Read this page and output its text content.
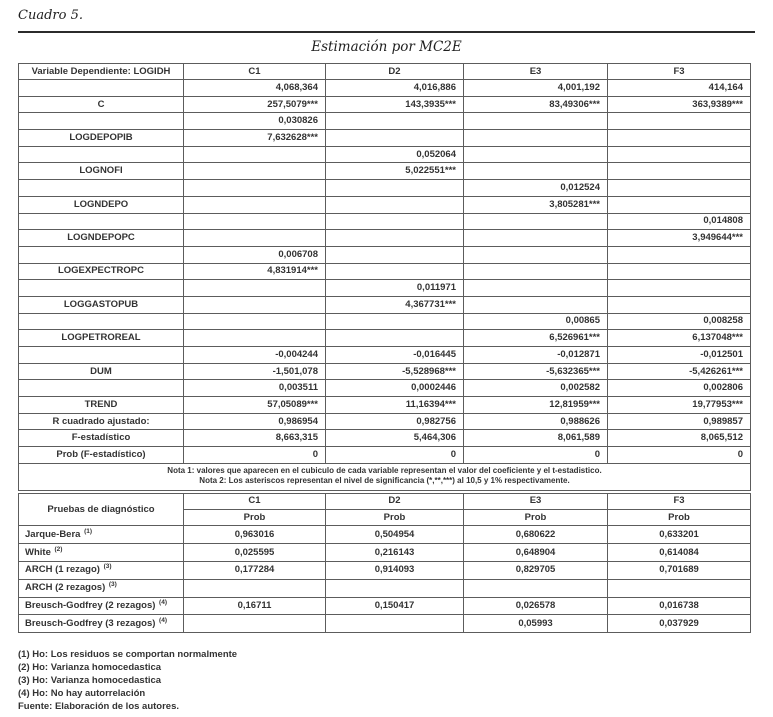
Cuadro 5.
Estimación por MC2E
Variable Dependiente: LOGIDH	C1	D2	E3	F3
	4,068,364	4,016,886	4,001,192	414,164
C	257,5079***	143,3935***	83,49306***	363,9389***
	0,030826			
LOGDEPOPIB	7,632628***			
		0,052064		
LOGNOFI		5,022551***		
			0,012524	
LOGNDEPO			3,805281***	
				0,014808
LOGNDEPOPC				3,949644***
	0,006708			
LOGEXPECTROPC	4,831914***			
		0,011971		
LOGGASTOPUB		4,367731***		
			0,00865	0,008258
LOGPETROREAL			6,526961***	6,137048***
	-0,004244	-0,016445	-0,012871	-0,012501
DUM	-1,501,078	-5,528968***	-5,632365***	-5,426261***
	0,003511	0,0002446	0,002582	0,002806
TREND	57,05089***	11,16394***	12,81959***	19,77953***
R cuadrado ajustado:	0,986954	0,982756	0,988626	0,989857
F-estadístico	8,663,315	5,464,306	8,061,589	8,065,512
Prob (F-estadístico)	0	0	0	0

Nota 1: valores que aparecen en el cubiculo de cada variable representan el valor del coeficiente y el t-estadistico.
Nota 2: Los asteriscos representan el nivel de significancia (*,**,***) al 10,5 y 1% respectivamente.				
Pruebas de diagnóstico	C1	D2	E3	F3
	Prob	Prob	Prob	Prob
Jarque-Bera $^{(1)}$	0,963016	0,504954	0,680622	0,633201
White $^{(2)}$	0,025595	0,216143	0,648904	0,614084
ARCH (1 rezago) $^{(3)}$	0,177284	0,914093	0,829705	0,701689
ARCH (2 rezagos) $^{(3)}$				
Breusch-Godfrey (2 rezagos) $^{(4)}$	0,16711	0,150417	0,026578	0,016738
Breusch-Godfrey (3 rezagos) $^{(4)}$			0,05993	0,037929
(1) Ho: Los residuos se comportan normalmente
(2) Ho: Varianza homocedastica
(3) Ho: Varianza homocedastica
(4) Ho: No hay autorrelación
Fuente: Elaboración de los autores.
